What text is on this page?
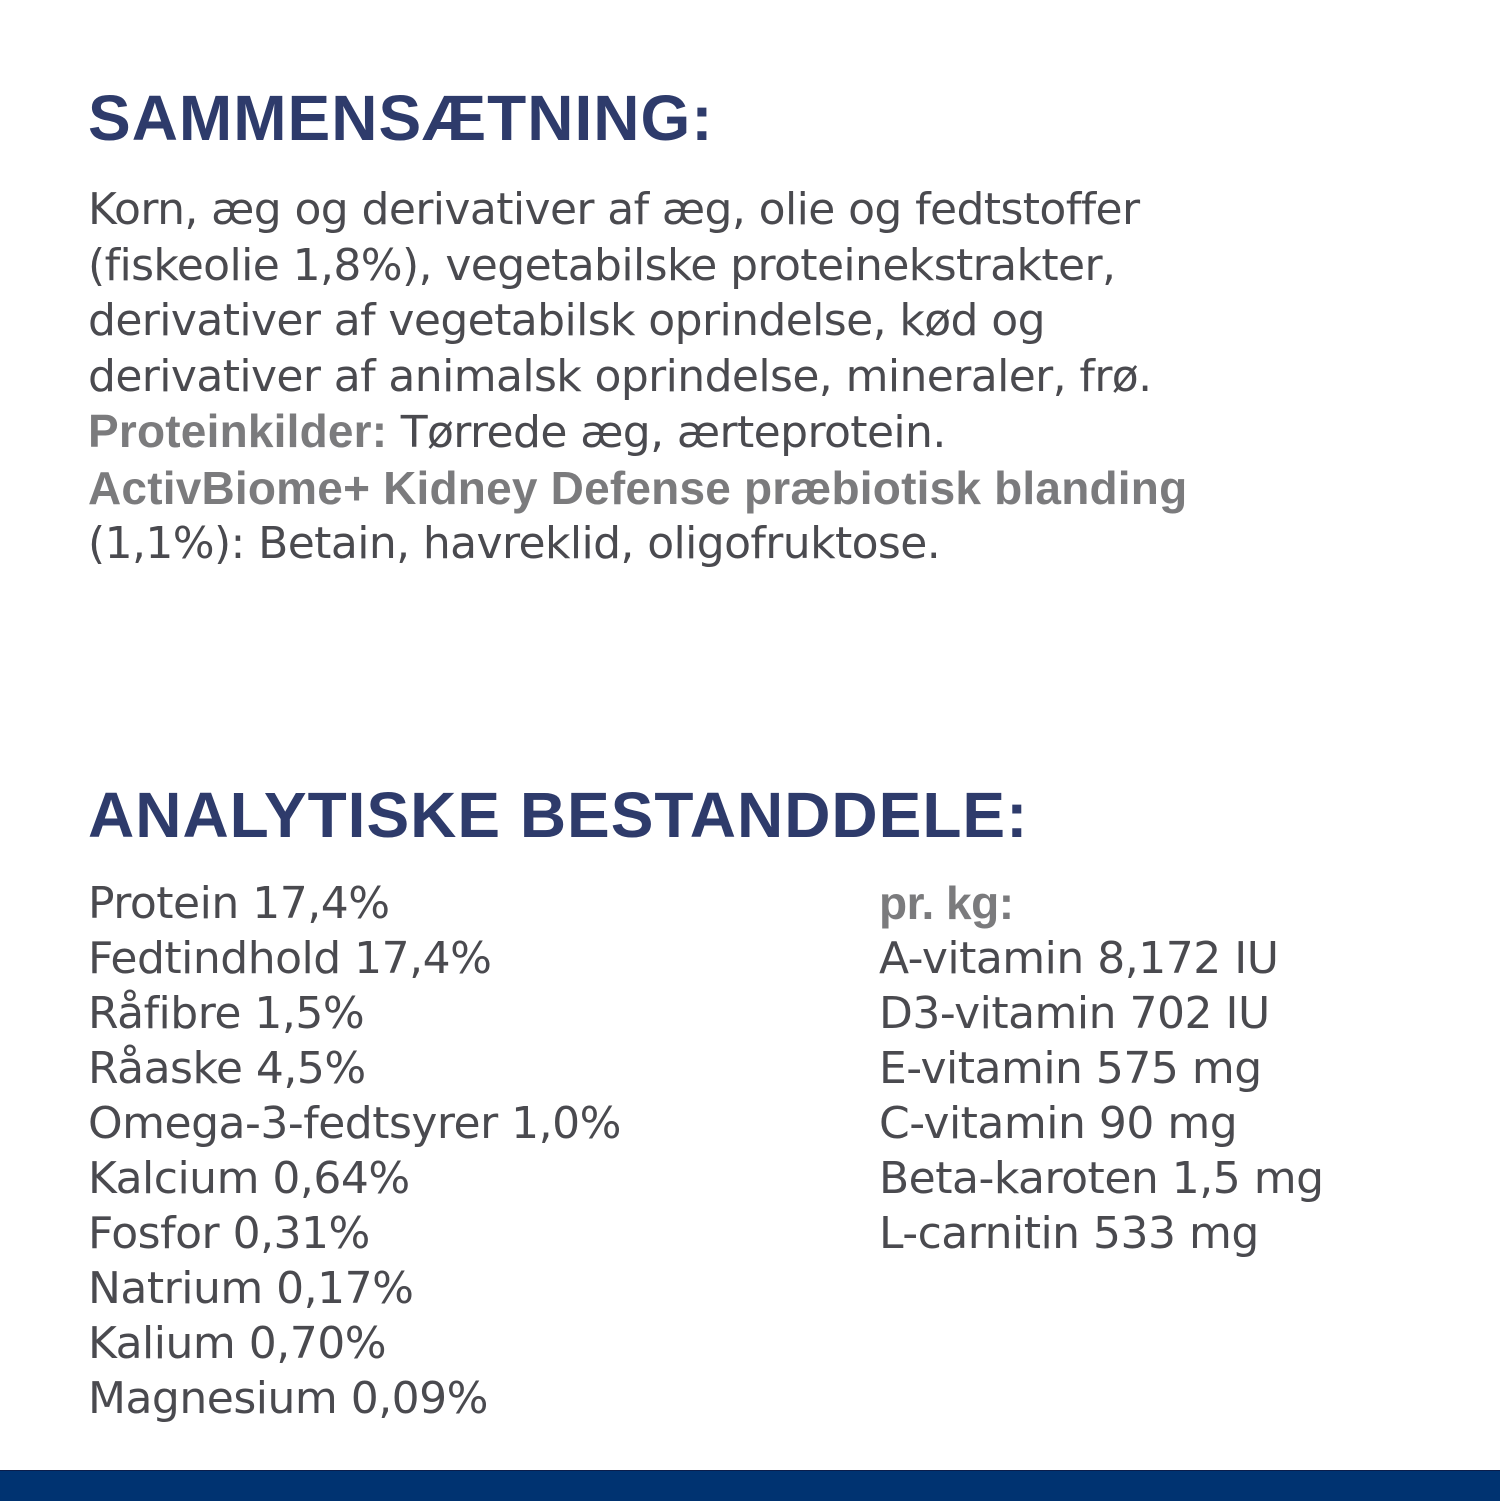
SAMMENSÆTNING:
Korn, æg og derivativer af æg, olie og fedtstoffer
(fiskeolie 1,8%), vegetabilske proteinekstrakter,
derivativer af vegetabilsk oprindelse, kød og
derivativer af animalsk oprindelse, mineraler, frø.
Proteinkilder: Tørrede æg, ærteprotein.
ActivBiome+ Kidney Defense præbiotisk blanding
(1,1%): Betain, havreklid, oligofruktose.
ANALYTISKE BESTANDDELE:
Protein 17,4%
Fedtindhold 17,4%
Råfibre 1,5%
Råaske 4,5%
Omega-3-fedtsyrer 1,0%
Kalcium 0,64%
Fosfor 0,31%
Natrium 0,17%
Kalium 0,70%
Magnesium 0,09%
pr. kg:
A-vitamin 8,172 IU
D3-vitamin 702 IU
E-vitamin 575 mg
C-vitamin 90 mg
Beta-karoten 1,5 mg
L-carnitin 533 mg
